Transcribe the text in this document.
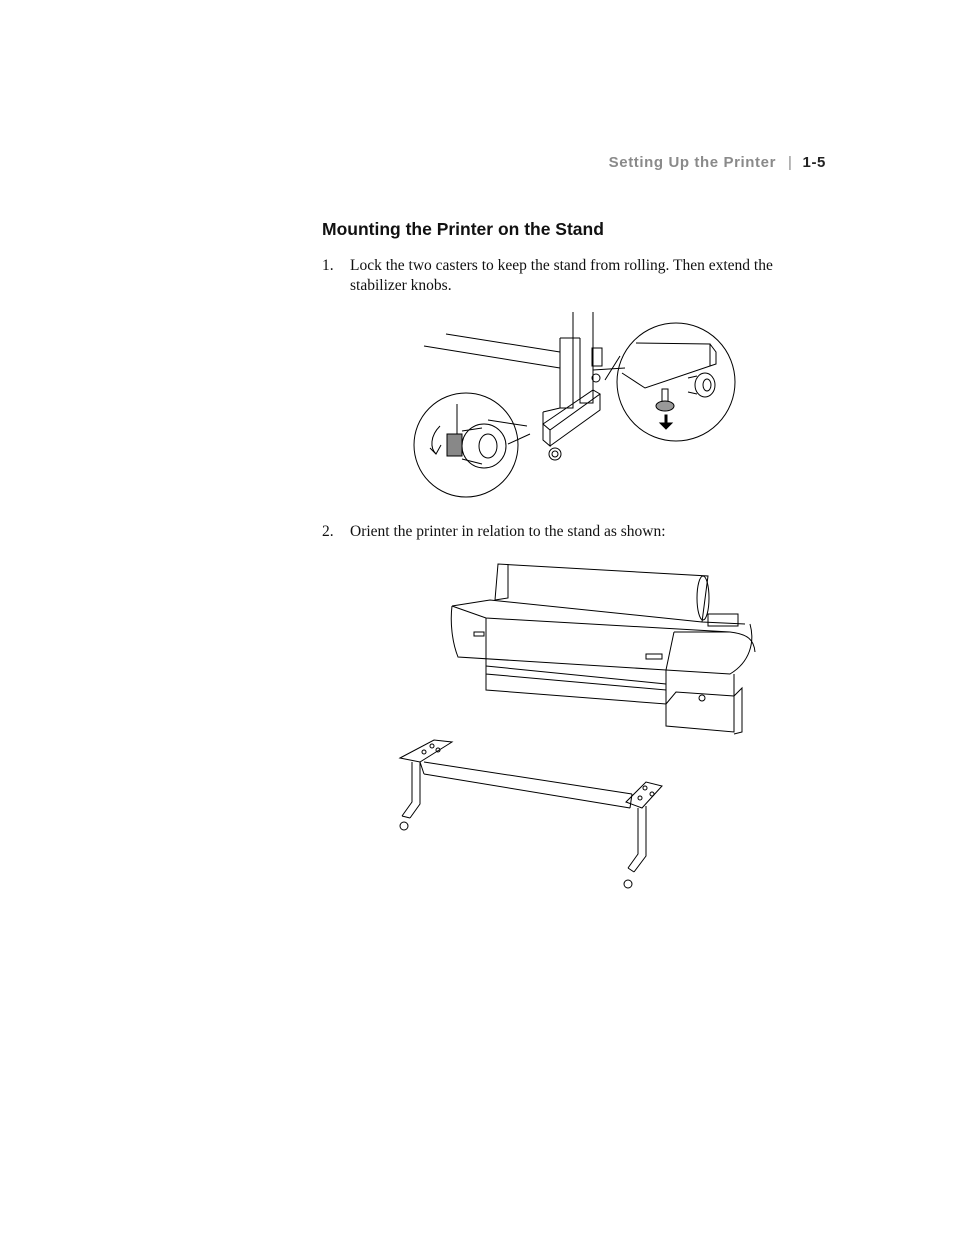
Setting Up the Printer | 1-5
Mounting the Printer on the Stand
1. Lock the two casters to keep the stand from rolling. Then extend the stabilizer knobs.
2. Orient the printer in relation to the stand as shown:
